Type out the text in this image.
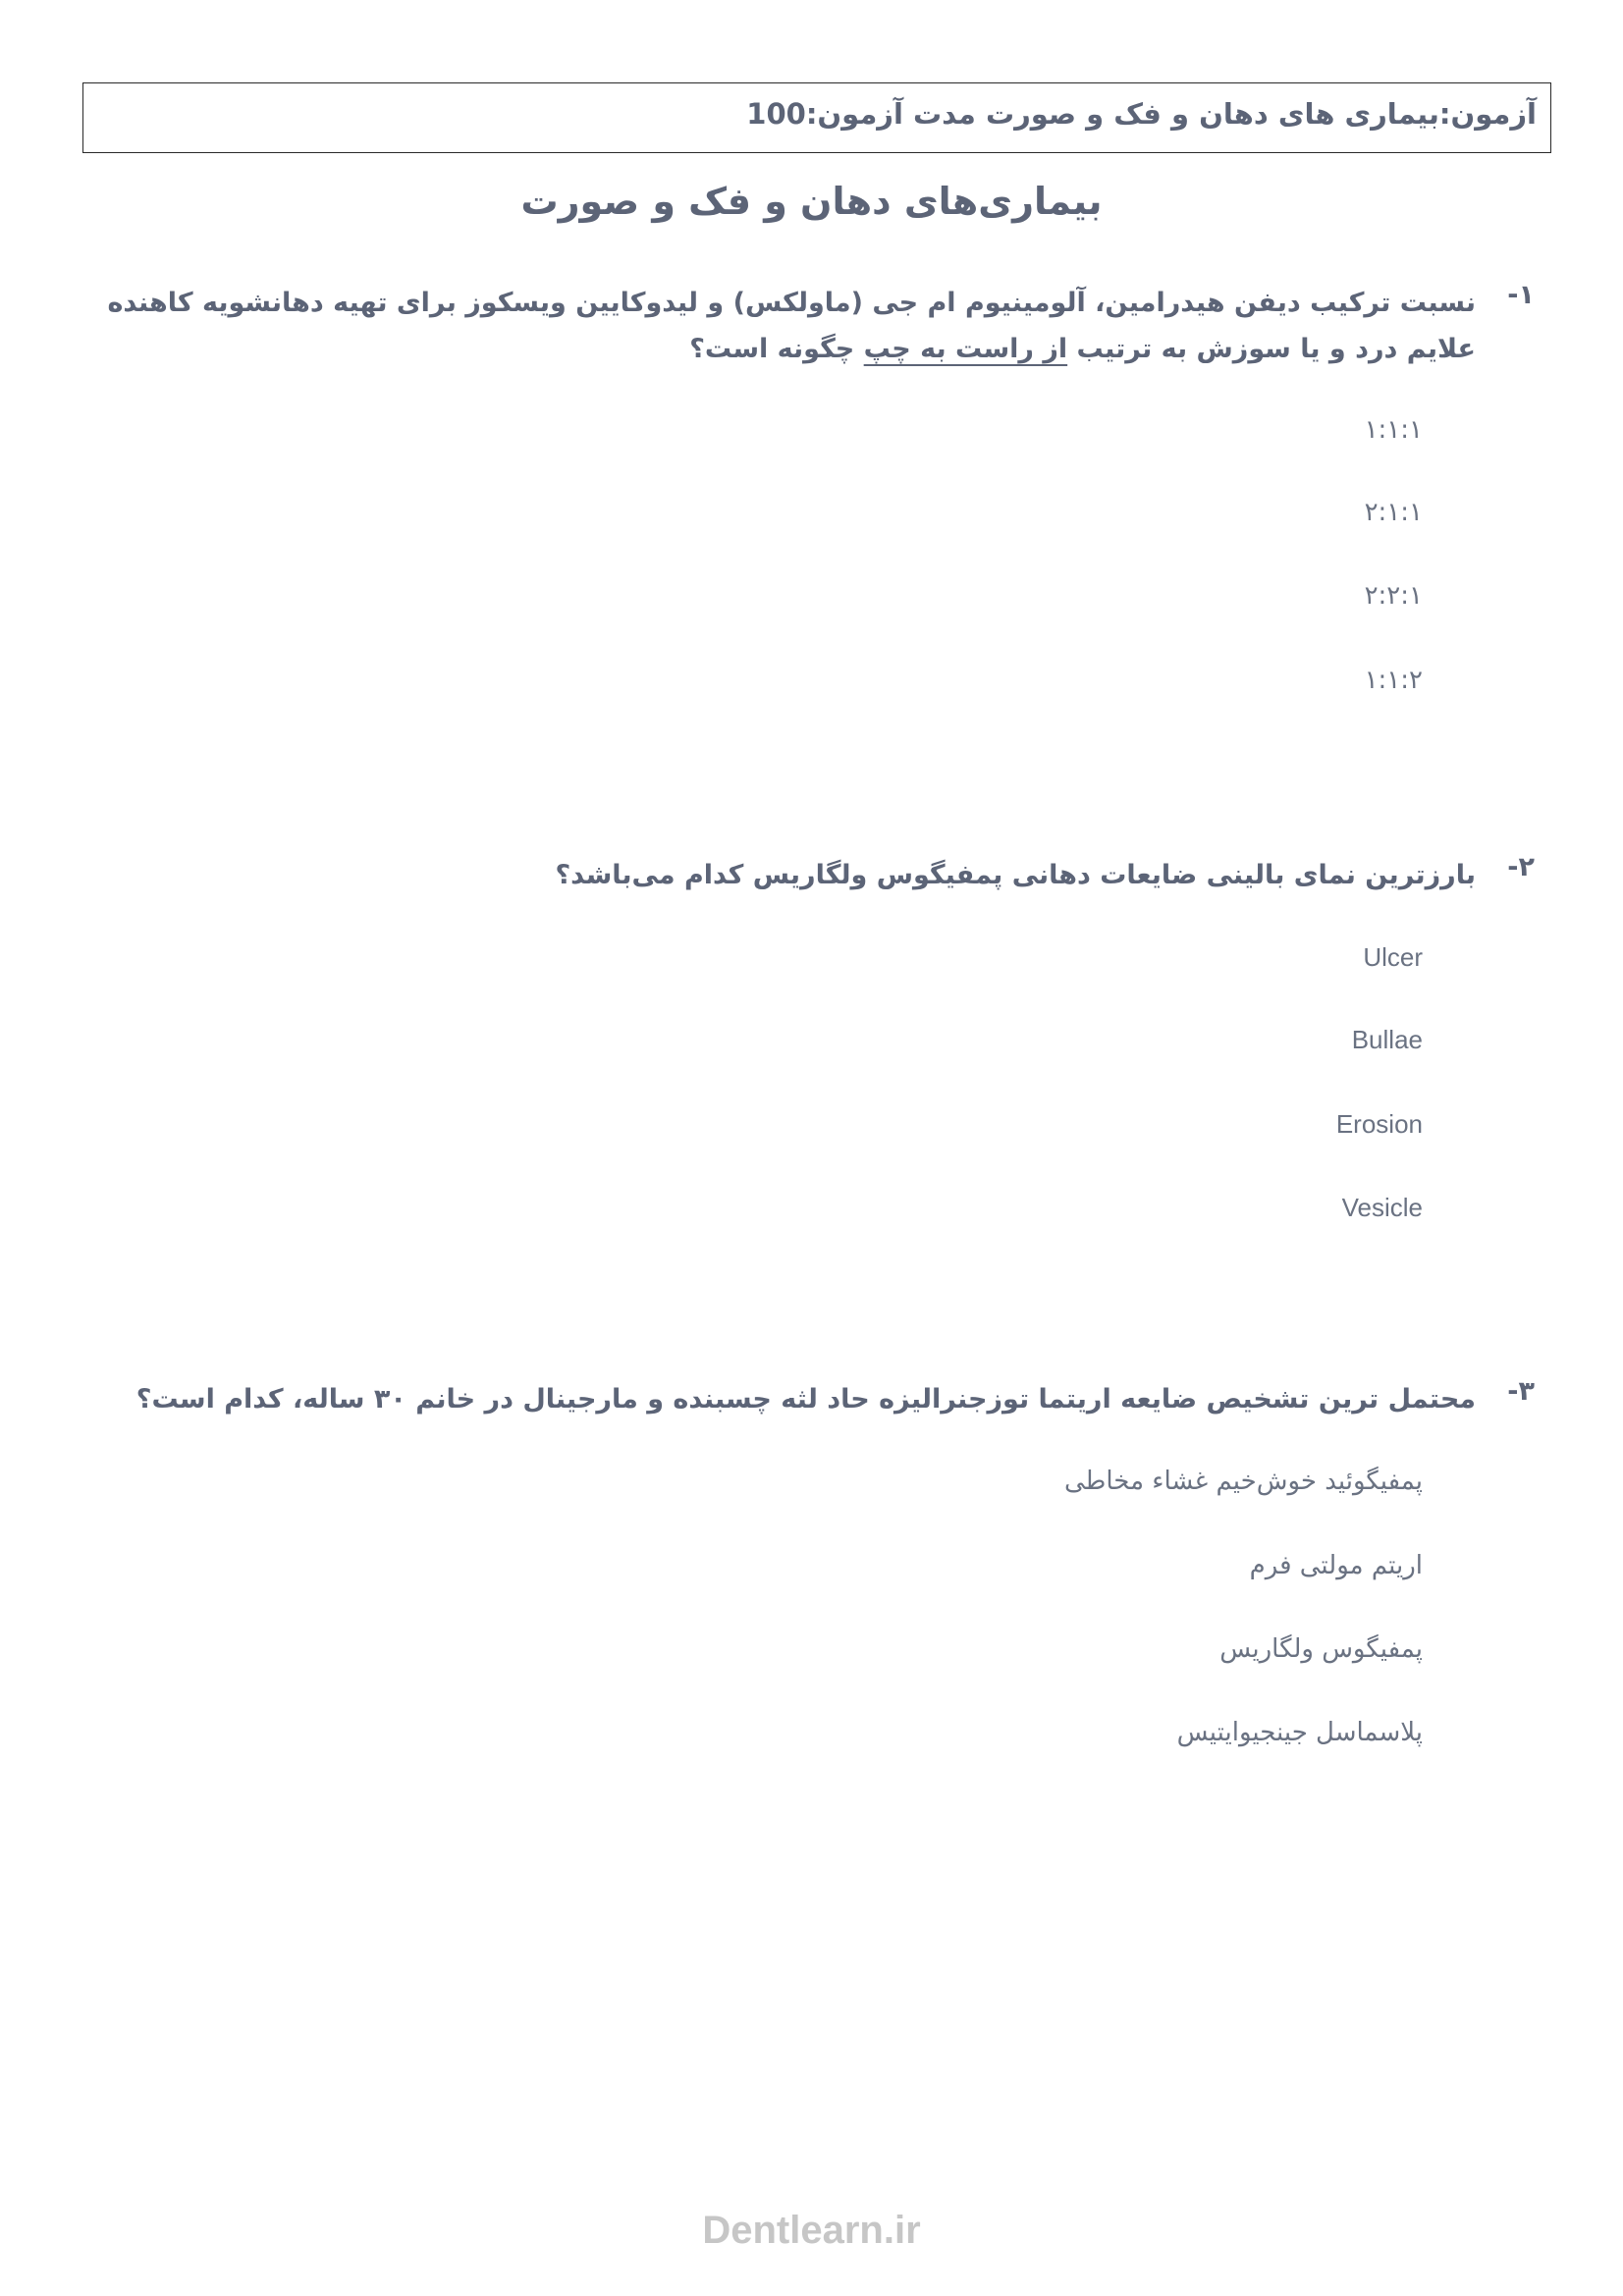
آزمون:بیماری های دهان و فک و صورت مدت آزمون:100
بیماری‌های دهان و فک و صورت
۱-
نسبت ترکیب دیفن هیدرامین، آلومینیوم ام جی (ماولکس) و لیدوکایین ویسکوز برای تهیه دهانشویه کاهنده علایم درد و یا سوزش به ترتیب از راست به چپ چگونه است؟
۱:۱:۱
۲:۱:۱
۲:۲:۱
۱:۱:۲
۲-
بارزترین نمای بالینی ضایعات دهانی پمفیگوس ولگاریس کدام می‌باشد؟
Ulcer
Bullae
Erosion
Vesicle
۳-
محتمل ترین تشخیص ضایعه اریتما توزجنرالیزه حاد لثه چسبنده و مارجینال در خانم ۳۰ ساله، کدام است؟
پمفیگوئید خوش‌خیم غشاء مخاطی
اریتم مولتی فرم
پمفیگوس ولگاریس
پلاسماسل جینجیوایتیس
Dentlearn.ir
